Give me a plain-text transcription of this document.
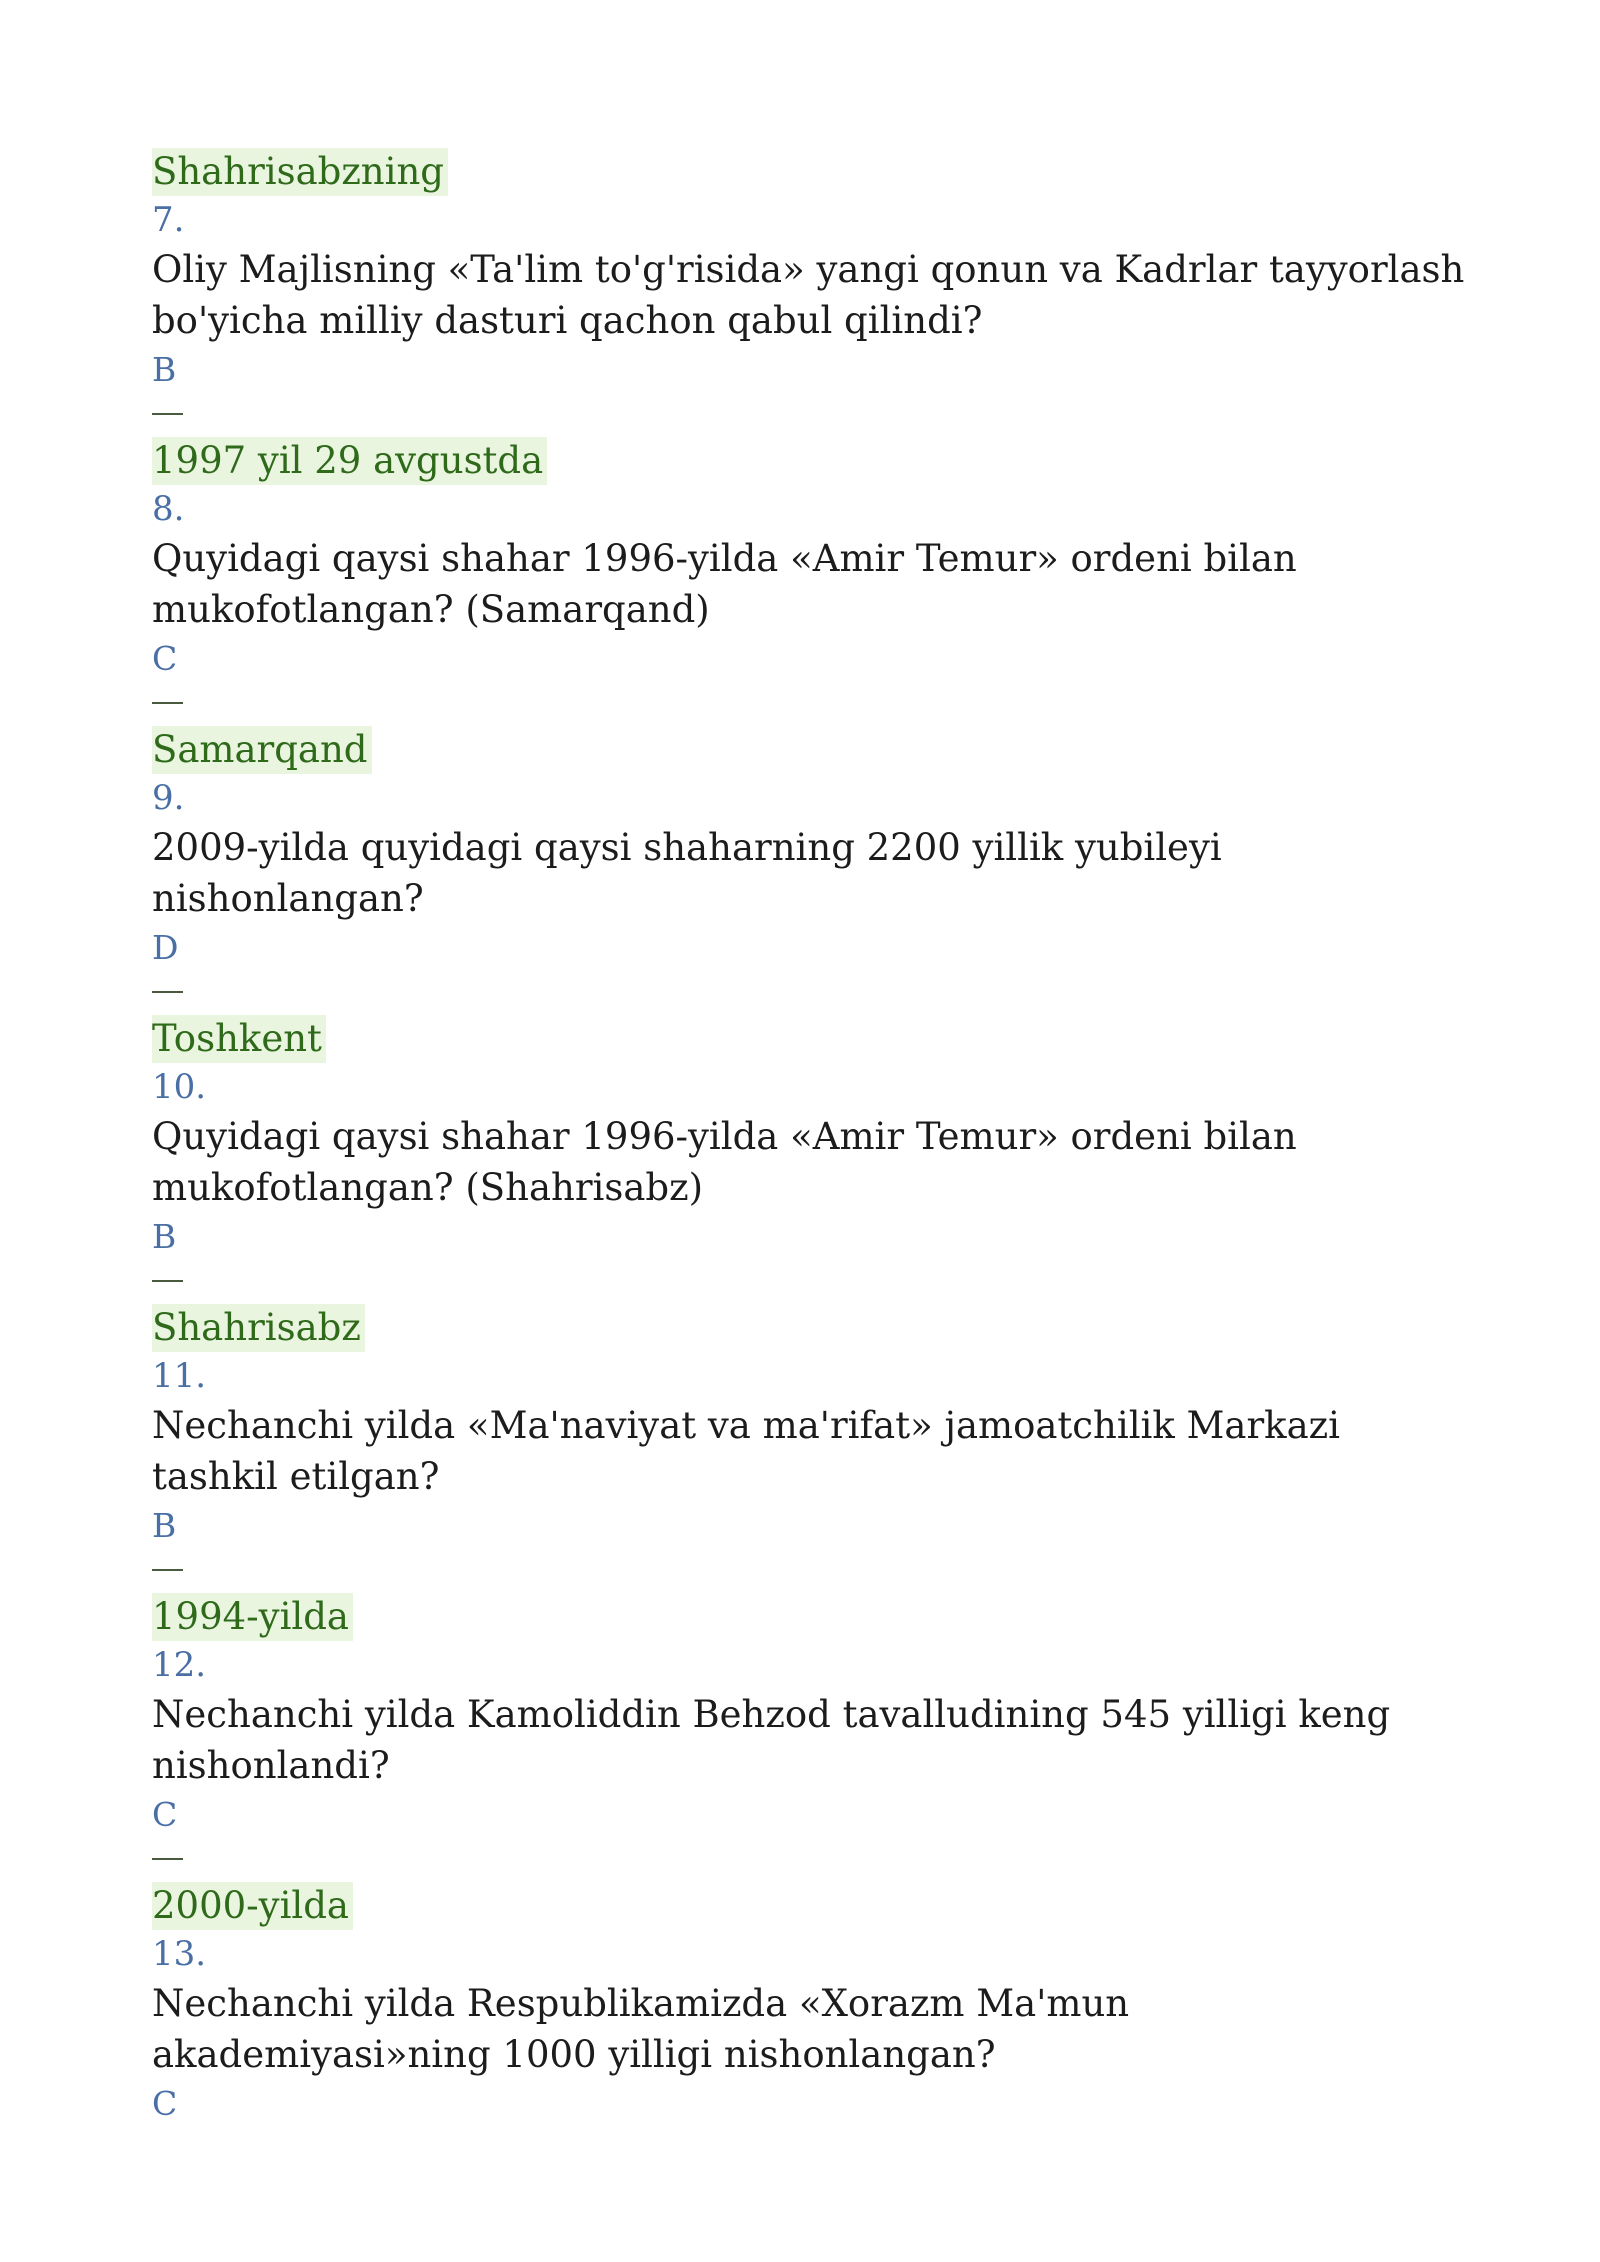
Shahrisabzning
7.
Oliy Majlisning «Ta'lim to'g'risida» yangi qonun va Kadrlar tayyorlash bo'yicha milliy dasturi qachon qabul qilindi?
B
1997 yil 29 avgustda
8.
Quyidagi qaysi shahar 1996-yilda «Amir Temur» ordeni bilan mukofotlangan? (Samarqand)
C
Samarqand
9.
2009-yilda quyidagi qaysi shaharning 2200 yillik yubileyi nishonlangan?
D
Toshkent
10.
Quyidagi qaysi shahar 1996-yilda «Amir Temur» ordeni bilan mukofotlangan? (Shahrisabz)
B
Shahrisabz
11.
Nechanchi yilda «Ma'naviyat va ma'rifat» jamoatchilik Markazi tashkil etilgan?
B
1994-yilda
12.
Nechanchi yilda Kamoliddin Behzod tavalludining 545 yilligi keng nishonlandi?
C
2000-yilda
13.
Nechanchi yilda Respublikamizda «Xorazm Ma'mun akademiyasi»ning 1000 yilligi nishonlangan?
C
